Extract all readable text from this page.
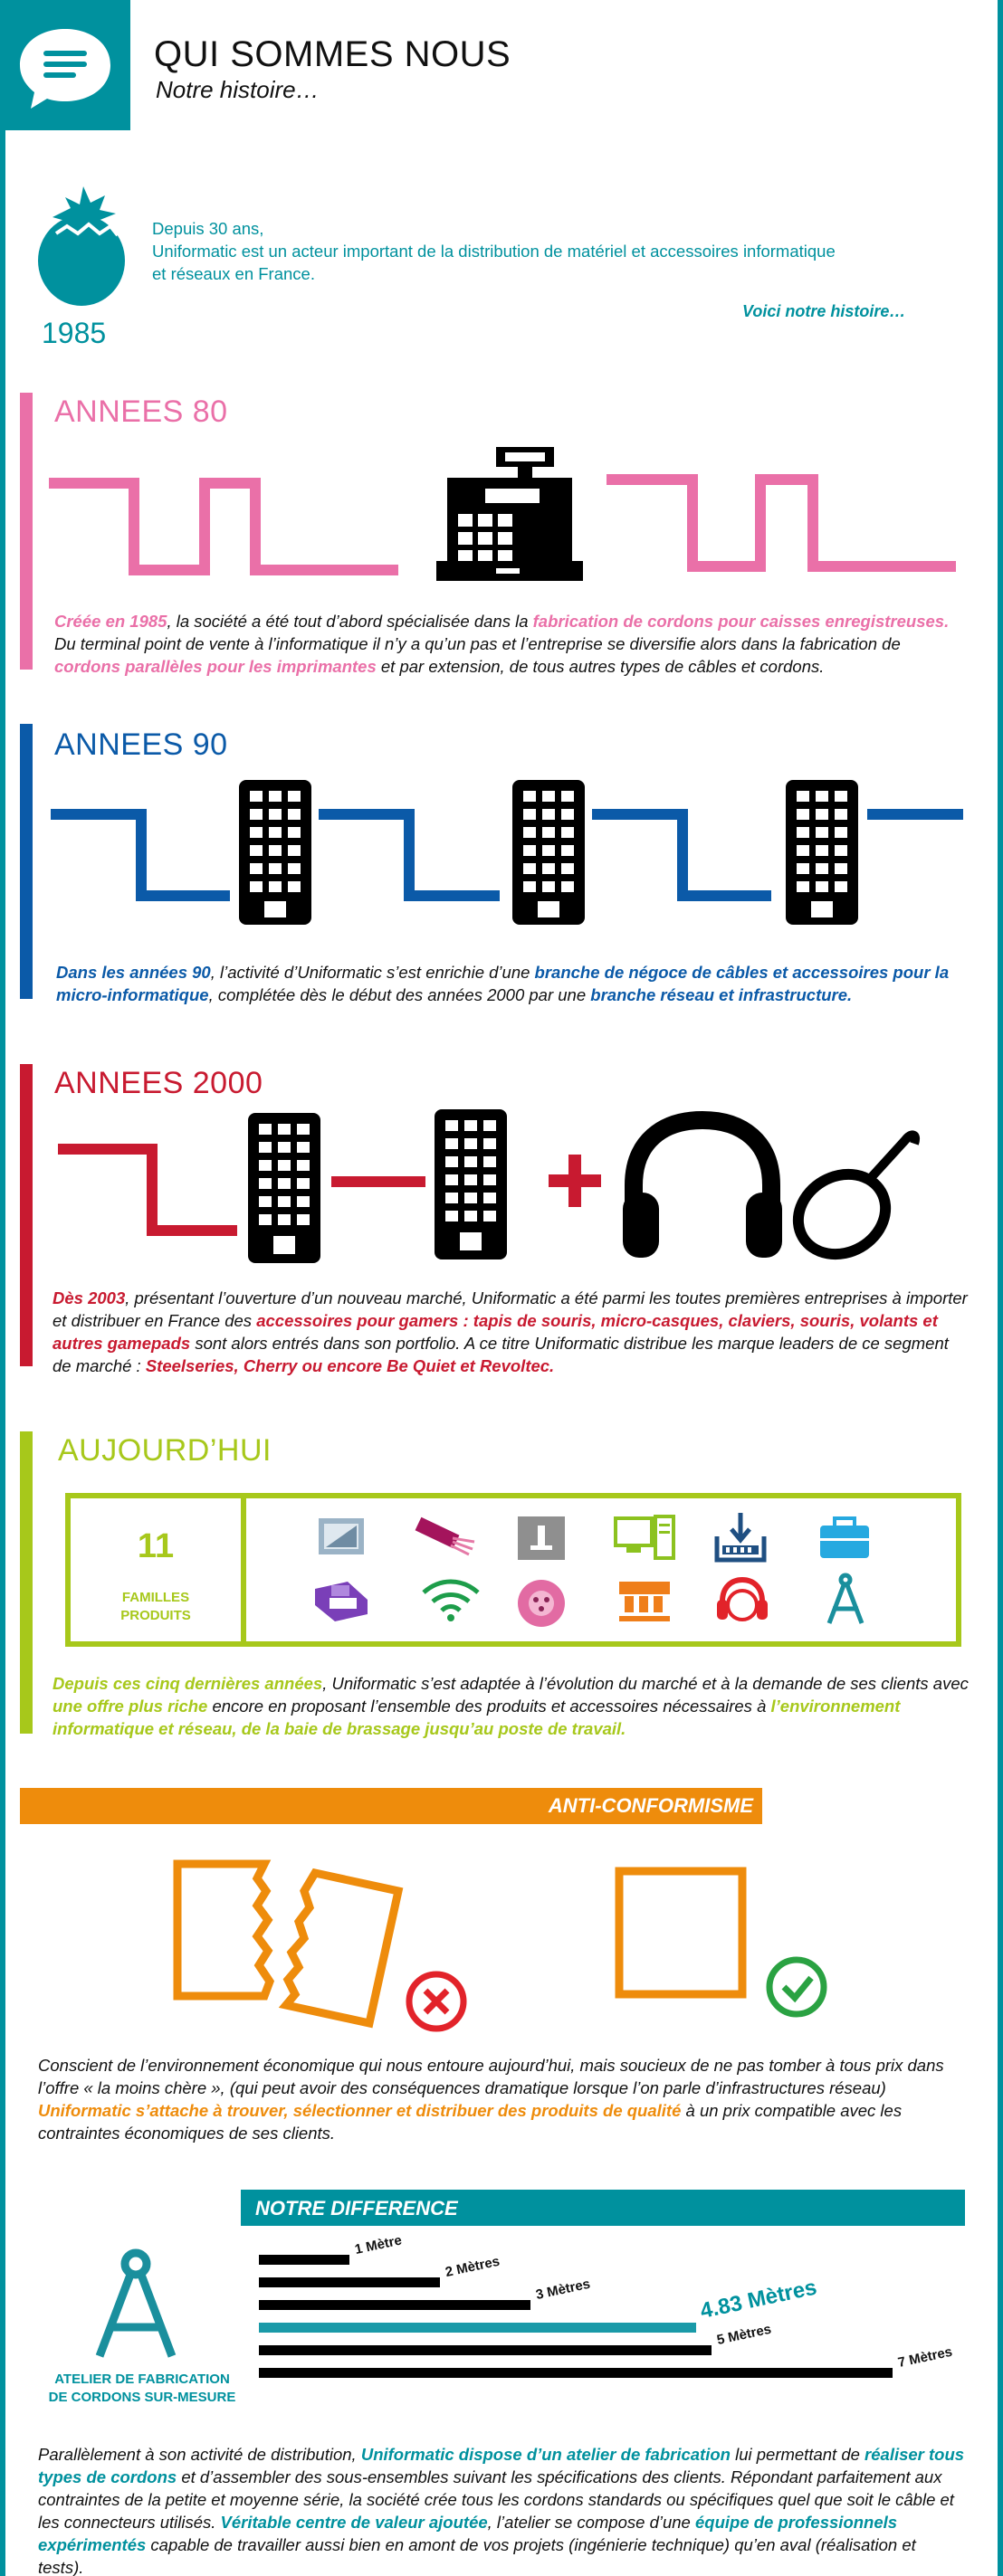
QUI SOMMES NOUS
Notre histoire…
1985
Depuis 30 ans,
Uniformatic est un acteur important de la distribution de matériel et accessoires informatique
et réseaux en France.
Voici notre histoire…
ANNEES 80
Créée en 1985, la société a été tout d’abord spécialisée dans la fabrication de cordons pour caisses enregistreuses. Du terminal point de vente à l’informatique il n’y a qu’un pas et l’entreprise se diversifie alors dans la fabrication de cordons parallèles pour les imprimantes et par extension, de tous autres types de câbles et cordons.
ANNEES 90
Dans les années 90, l’activité d’Uniformatic s’est enrichie d’une branche de négoce de câbles et accessoires pour la micro-informatique, complétée dès le début des années 2000 par une branche réseau et infrastructure.
ANNEES 2000
Dès 2003, présentant l’ouverture d’un nouveau marché, Uniformatic a été parmi les toutes premières entreprises à importer et distribuer en France des accessoires pour gamers : tapis de souris, micro-casques, claviers, souris, volants et autres gamepads sont alors entrés dans son portfolio. A ce titre Uniformatic distribue les marque leaders de ce segment de marché : Steelseries, Cherry ou encore Be Quiet et Revoltec.
AUJOURD’HUI
11
FAMILLES
PRODUITS
Depuis ces cinq dernières années, Uniformatic s’est adaptée à l’évolution du marché et à la demande de ses clients avec une offre plus riche encore en proposant l’ensemble des produits et accessoires nécessaires à l’environnement informatique et réseau, de la baie de brassage jusqu’au poste de travail.
ANTI-CONFORMISME
Conscient de l’environnement économique qui nous entoure aujourd’hui, mais soucieux de ne pas tomber à tous prix dans l’offre « la moins chère », (qui peut avoir des conséquences dramatique lorsque l’on parle d’infrastructures réseau) Uniformatic s’attache à trouver, sélectionner et distribuer des produits de qualité à un prix compatible avec les contraintes économiques de ses clients.
NOTRE DIFFERENCE
ATELIER DE FABRICATION
DE CORDONS SUR-MESURE
1 Mètre
2 Mètres
3 Mètres	4.83 Mètres
5 Mètres
7 Mètres
Parallèlement à son activité de distribution, Uniformatic dispose d’un atelier de fabrication lui permettant de réaliser tous types de cordons et d’assembler des sous-ensembles suivant les spécifications des clients. Répondant parfaitement aux contraintes de la petite et moyenne série, la société crée tous les cordons standards ou spécifiques quel que soit le câble et les connecteurs utilisés. Véritable centre de valeur ajoutée, l’atelier se compose d’une équipe de professionnels expérimentés capable de travailler aussi bien en amont de vos projets (ingénierie technique) qu’en aval (réalisation et tests).
